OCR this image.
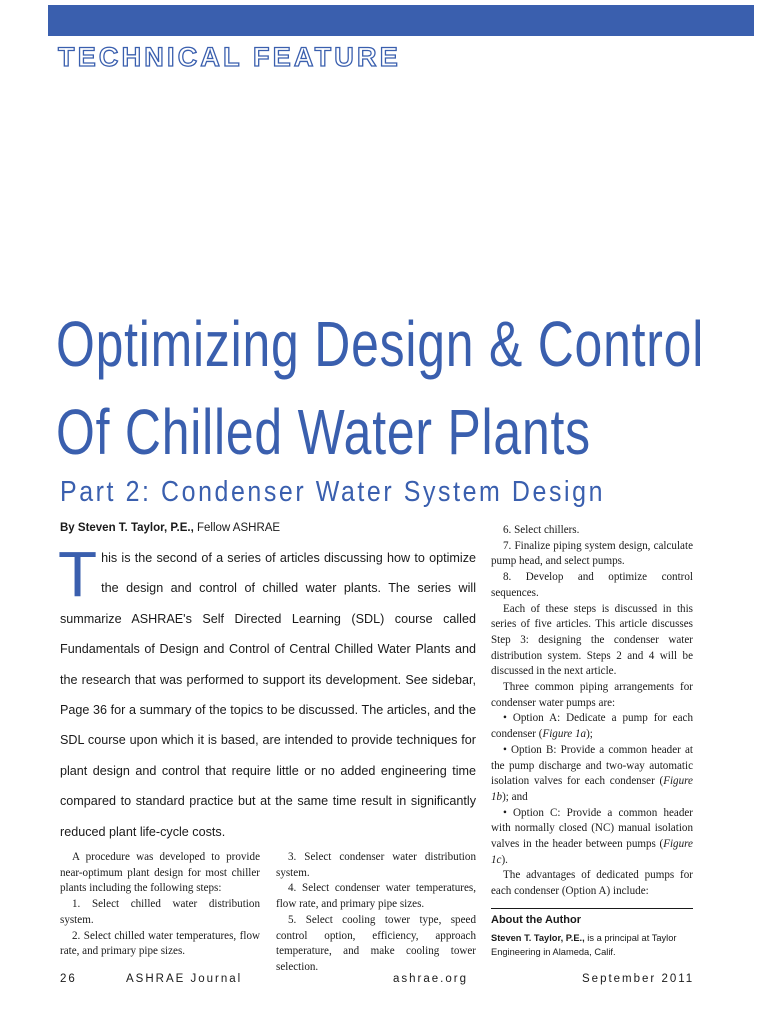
TECHNICAL FEATURE
Optimizing Design & Control
Of Chilled Water Plants
Part 2: Condenser Water System Design
By Steven T. Taylor, P.E., Fellow ASHRAE
This is the second of a series of articles discussing how to optimize the design and control of chilled water plants. The series will summarize ASHRAE's Self Directed Learning (SDL) course called Fundamentals of Design and Control of Central Chilled Water Plants and the research that was performed to support its development. See sidebar, Page 36 for a summary of the topics to be discussed. The articles, and the SDL course upon which it is based, are intended to provide techniques for plant design and control that require little or no added engineering time compared to standard practice but at the same time result in significantly reduced plant life-cycle costs.

A procedure was developed to provide near-optimum plant design for most chiller plants including the following steps:

1. Select chilled water distribution system.

2. Select chilled water temperatures, flow rate, and primary pipe sizes.

3. Select condenser water distribution system.

4. Select condenser water temperatures, flow rate, and primary pipe sizes.

5. Select cooling tower type, speed control option, efficiency, approach temperature, and make cooling tower selection.

6. Select chillers.

7. Finalize piping system design, calculate pump head, and select pumps.

8. Develop and optimize control sequences.

Each of these steps is discussed in this series of five articles. This article discusses Step 3: designing the condenser water distribution system. Steps 2 and 4 will be discussed in the next article.

Three common piping arrangements for condenser water pumps are:

• Option A: Dedicate a pump for each condenser (Figure 1a);

• Option B: Provide a common header at the pump discharge and two-way automatic isolation valves for each condenser (Figure 1b); and

• Option C: Provide a common header with normally closed (NC) manual isolation valves in the header between pumps (Figure 1c).

The advantages of dedicated pumps for each condenser (Option A) include:

About the Author
Steven T. Taylor, P.E., is a principal at Taylor Engineering in Alameda, Calif.
26	ASHRAE Journal	ashrae.org	September 2011
